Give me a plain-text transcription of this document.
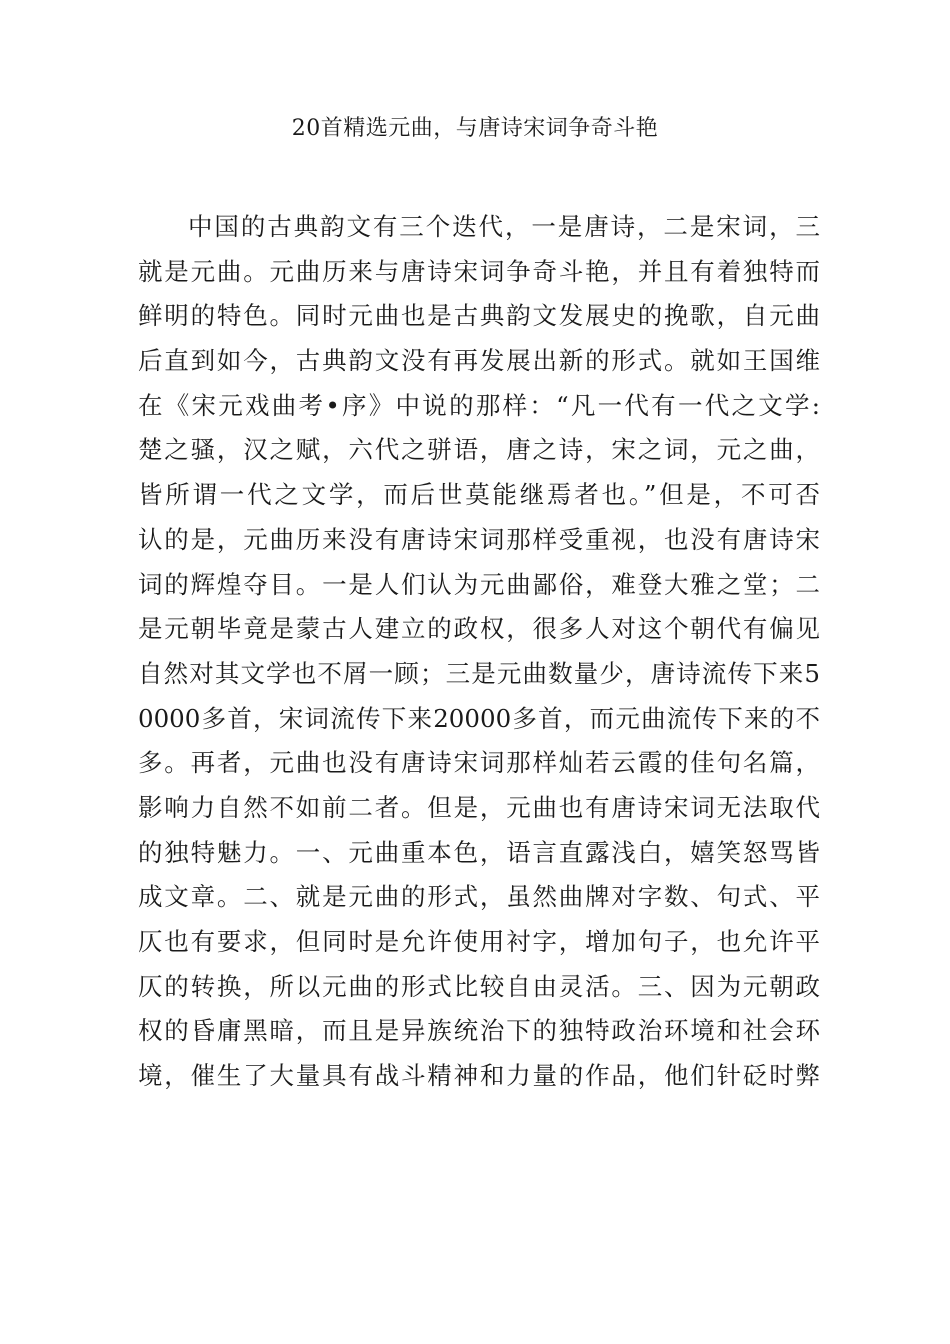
20首精选元曲，与唐诗宋词争奇斗艳
中国的古典韵文有三个迭代，一是唐诗，二是宋词，三
就是元曲。元曲历来与唐诗宋词争奇斗艳，并且有着独特而
鲜明的特色。同时元曲也是古典韵文发展史的挽歌，自元曲
后直到如今，古典韵文没有再发展出新的形式。就如王国维
在《宋元戏曲考•序》中说的那样：“凡一代有一代之文学:
楚之骚，汉之赋，六代之骈语，唐之诗，宋之词，元之曲，
皆所谓一代之文学，而后世莫能继焉者也。”但是，不可否
认的是，元曲历来没有唐诗宋词那样受重视，也没有唐诗宋
词的辉煌夺目。一是人们认为元曲鄙俗，难登大雅之堂；二
是元朝毕竟是蒙古人建立的政权，很多人对这个朝代有偏见
自然对其文学也不屑一顾；三是元曲数量少，唐诗流传下来5
0000多首，宋词流传下来20000多首，而元曲流传下来的不
多。再者，元曲也没有唐诗宋词那样灿若云霞的佳句名篇，
影响力自然不如前二者。但是，元曲也有唐诗宋词无法取代
的独特魅力。一、元曲重本色，语言直露浅白，嬉笑怒骂皆
成文章。二、就是元曲的形式，虽然曲牌对字数、句式、平
仄也有要求，但同时是允许使用衬字，增加句子，也允许平
仄的转换，所以元曲的形式比较自由灵活。三、因为元朝政
权的昏庸黑暗，而且是异族统治下的独特政治环境和社会环
境，催生了大量具有战斗精神和力量的作品，他们针砭时弊
